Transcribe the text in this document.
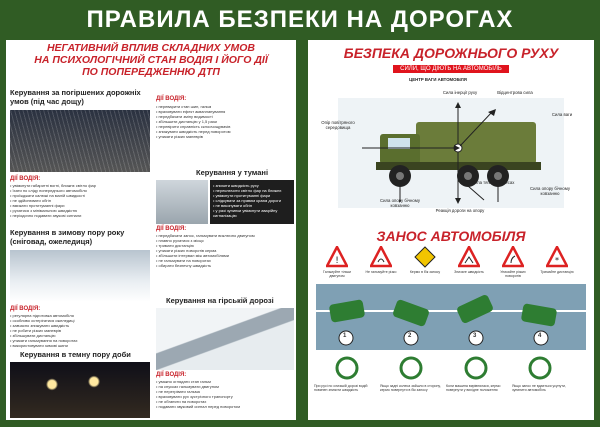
ПРАВИЛА БЕЗПЕКИ НА ДОРОГАХ
НЕГАТИВНИЙ ВПЛИВ СКЛАДНИХ УМОВ
НА ПСИХОЛОГІЧНИЙ СТАН ВОДІЯ І ЙОГО ДІЇ
ПО ПОПЕРЕДЖЕННЮ ДТП
Керування за погіршених дорожніх умов (під час дощу)	ДІЇ ВОДІЯ:
• переварити стан шин, гальм
• враховувати ефект аквапланування
• передбачати зміну видимості
• збільшити дистанцію у 1,5 рази
• перевірити справність склоочищувачів
• знижувати швидкість перед поворотом
• уникати різких маневрів
ДІЇ ВОДІЯ:
• увімкнути габаритні вогні, ближнє світло фар
• їхати по сліду попереднього автомобіля
• проїжджати калюжі на малій швидкості
• не здійснювати обгін
• вмикати протитуманні фари
• рухатися з мінімальною швидкістю
• періодично подавати звукові сигнали
Керування у тумані
• знизити швидкість руху
• переключити світло фар на ближнє
• увімкнути протитуманні фари
• слідкувати за правим краєм дороги
• не виконувати обгін
• у разі зупинки увімкнути аварійну сигналізацію
ДІЇ ВОДІЯ:
• передбачати занос, гальмувати виключно двигуном
• плавно рухатися з місця
• тримати дистанцію
• уникати різких поворотів керма
• збільшити інтервал між автомобілями
• не гальмувати на поворотах
• обирати безпечну швидкість
Керування в зимову пору року (сніговад, ожеледиця)
ДІЇ ВОДІЯ:
• регулярна підготовка автомобіля
• особливо остерігатися ожеледиці
• завчасно знижувати швидкість
• не робити різких маневрів
• збільшувати дистанцію
• уникати гальмування на поворотах
• використовувати зимові шини
Керування на гірській дорозі
ДІЇ ВОДІЯ:
• уважно оглядати стан гальм
• на спусках гальмувати двигуном
• не перегрівати гальма
• враховувати рух зустрічного транспорту
• не обганяти на поворотах
• подавати звуковий сигнал перед поворотом
Керування в темну пору доби
БЕЗПЕКА ДОРОЖНЬОГО РУХУ
СИЛИ, ЩО ДІЮТЬ НА АВТОМОБІЛЬ
ЦЕНТР ВАГИ АВТОМОБІЛЯ
Опір повітряного середовища
Сила інерції руху	Відцентрова сила
Сила ваги
Сила опору бічному ковзанню
Сила тяги на колесах
Сила опору бічному ковзанню
Реакція дороги на опору
ЗАНОС АВТОМОБІЛЯ
!	*
Гальмуйте тільки двигуном
Не гальмуйте різко	Кермо в бік заносу	Знизьте швидкість	Уникайте різких поворотів
Тримайте дистанцію
1	2	3	4
При русі по слизькій дорозі водій повинен знизити швидкість
Якщо задні колеса зайшло в сторону, кермо повернути в бік заносу
Коли машина вирівнялася, кермо повернути у вихідне положення
Якщо занос не вдається усунути, зупинити автомобіль
